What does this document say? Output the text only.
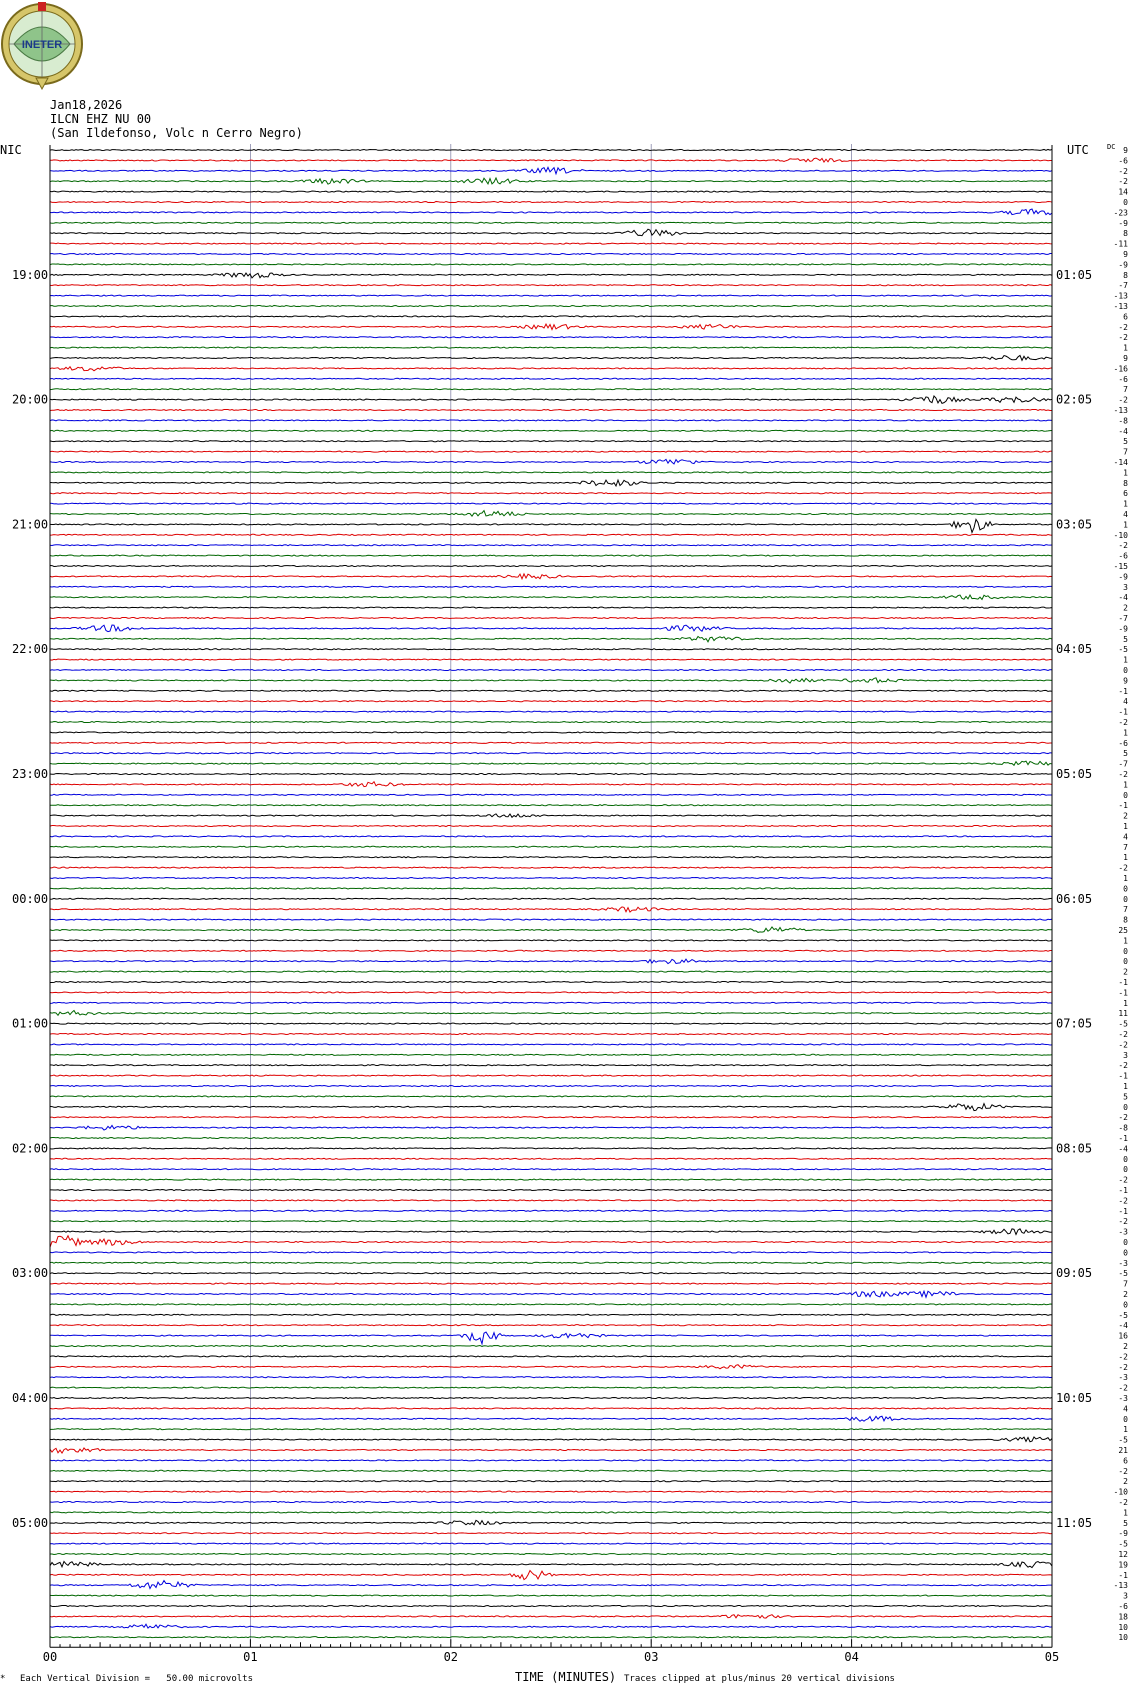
00	01	02	03	04	05
NIC	UTC	DC
19:00
20:00
21:00
22:00
23:00
00:00
01:00
02:00
03:00
04:00
05:00
01:05
02:05
03:05
04:05
05:05
06:05
07:05
08:05
09:05
10:05
11:05
9
-6
-2
-2
14
0
-23
-9
8
-11
9
-9
8
-7
-13
-13
6
-2
-2
1
9
-16
-6
7
-2
-13
-8
-4
5
7
-14
1
8
6
1
4
1
-10
-2
-6
-15
-9
3
-4
2
-7
-9
5
-5
1
0
9
-1
4
-1
-2
1
-6
5
-7
-2
1
0
-1
2
1
4
7
1
-2
1
0
0
7
8
25
1
0
0
2
-1
-1
1
11
-5
-2
-2
3
-2
-1
1
5
0
-2
-8
-1
-4
0
0
-2
-1
-2
-1
-2
-3
0
0
-3
-5
7
2
0
-5
-4
16
2
-2
-2
-3
-2
-3
4
0
1
-5
21
6
-2
2
-10
-2
1
5
-9
-5
12
19
-1
-13
3
-6
18
10
10
INETER
Jan18,2026
ILCN EHZ NU 00
(San Ildefonso, Volc n Cerro Negro)
* Each Vertical Division =   50.00 microvolts	TIME (MINUTES) Traces clipped at plus/minus 20 vertical divisions
